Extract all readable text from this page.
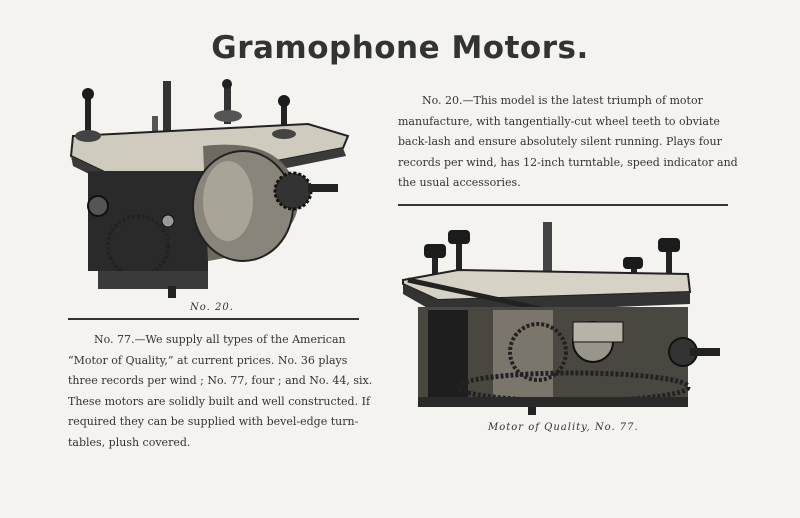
Gramophone Motors.
No. 20.
No. 77.—We supply all types of the American
“Motor of Quality,” at current prices. No. 36 plays
three records per wind ; No. 77, four ; and No. 44, six.
These motors are solidly built and well constructed. If
required they can be supplied with bevel-edge turn-
tables, plush covered.
No. 20.—This model is the latest triumph of motor
manufacture, with tangentially-cut wheel teeth to obviate
back-lash and ensure absolutely silent running. Plays four
records per wind, has 12-inch turntable, speed indicator and
the usual accessories.
Motor of Quality, No. 77.
